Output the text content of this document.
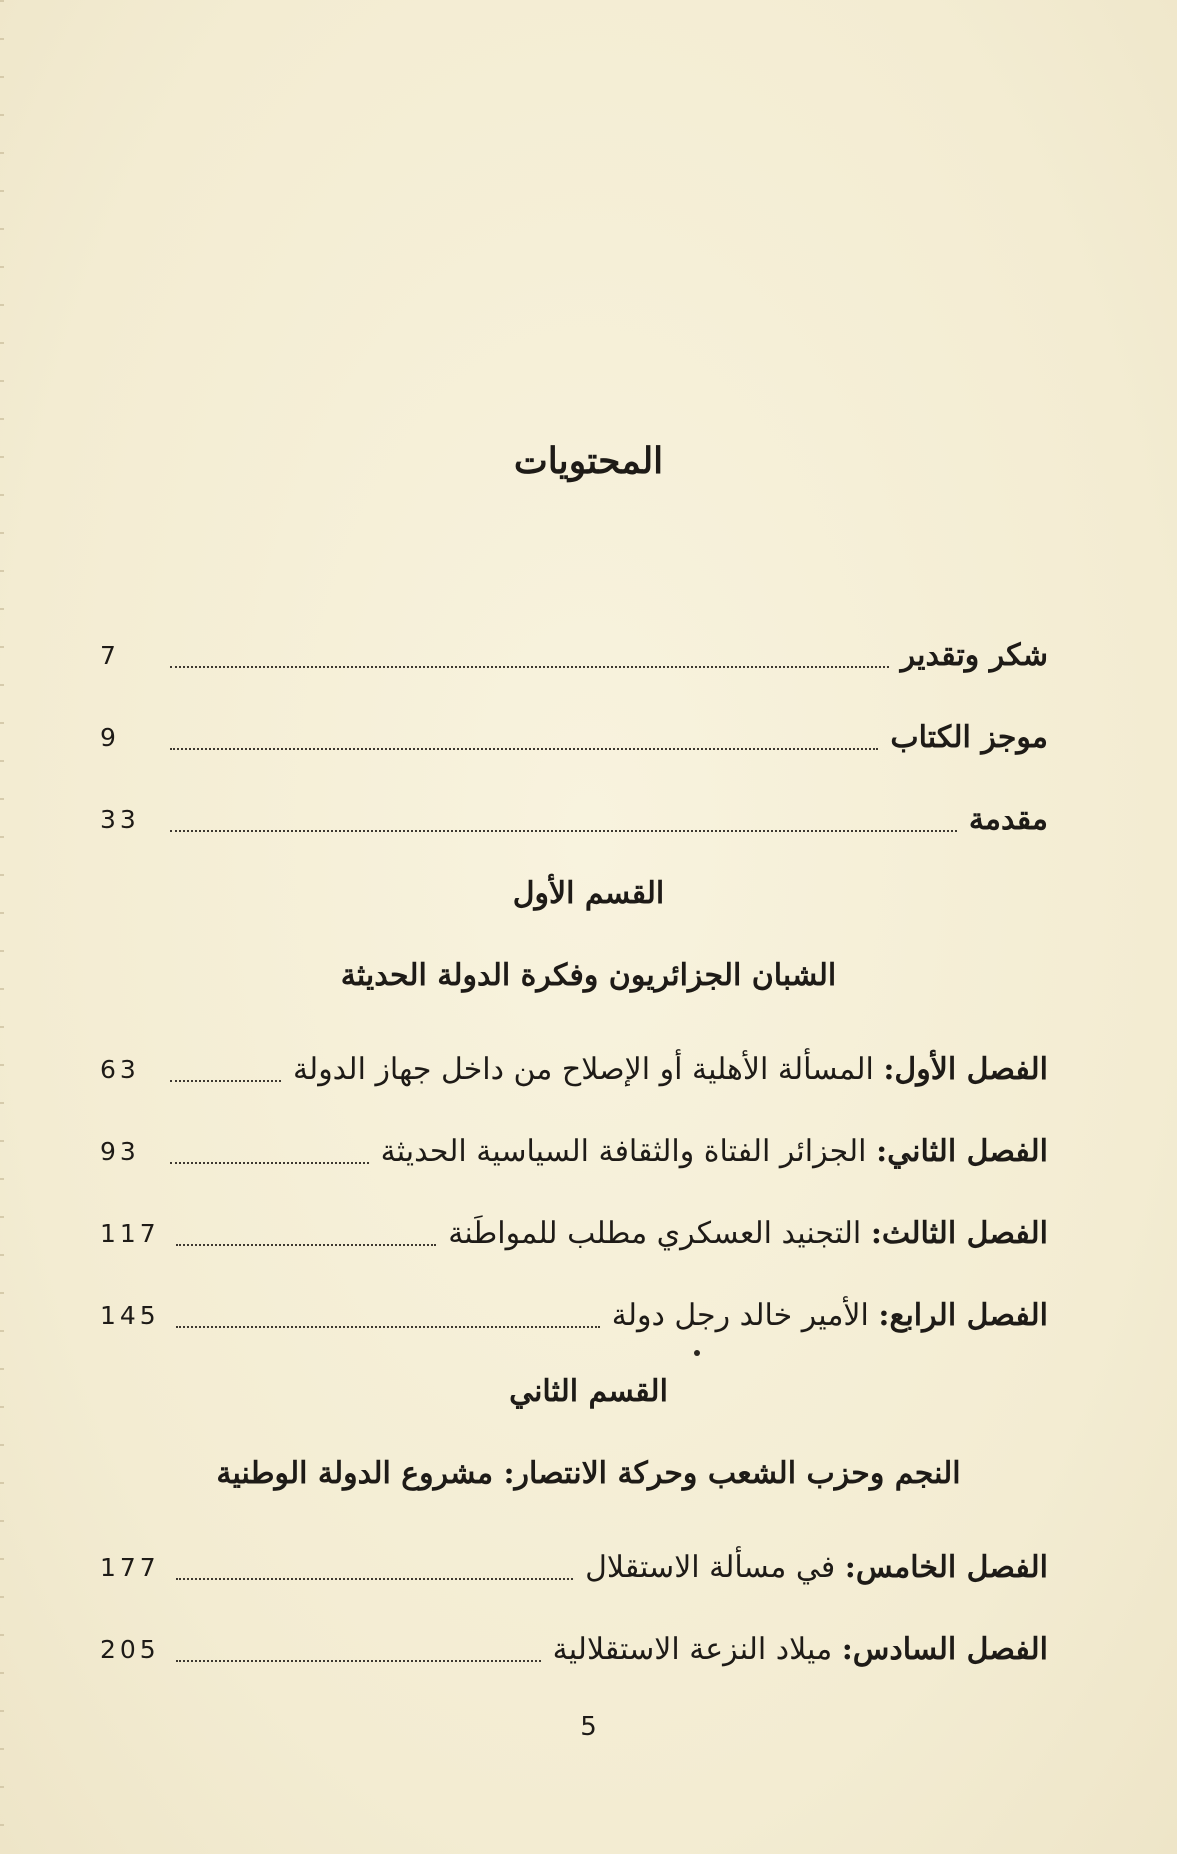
المحتويات
شكر وتقدير
7
موجز الكتاب
9
مقدمة
33
القسم الأول
الشبان الجزائريون وفكرة الدولة الحديثة
الفصل الأول: المسألة الأهلية أو الإصلاح من داخل جهاز الدولة
63
الفصل الثاني: الجزائر الفتاة والثقافة السياسية الحديثة
93
الفصل الثالث: التجنيد العسكري مطلب للمواطَنة
117
الفصل الرابع: الأمير خالد رجل دولة
145
القسم الثاني
النجم وحزب الشعب وحركة الانتصار: مشروع الدولة الوطنية
الفصل الخامس: في مسألة الاستقلال
177
الفصل السادس: ميلاد النزعة الاستقلالية
205
5
